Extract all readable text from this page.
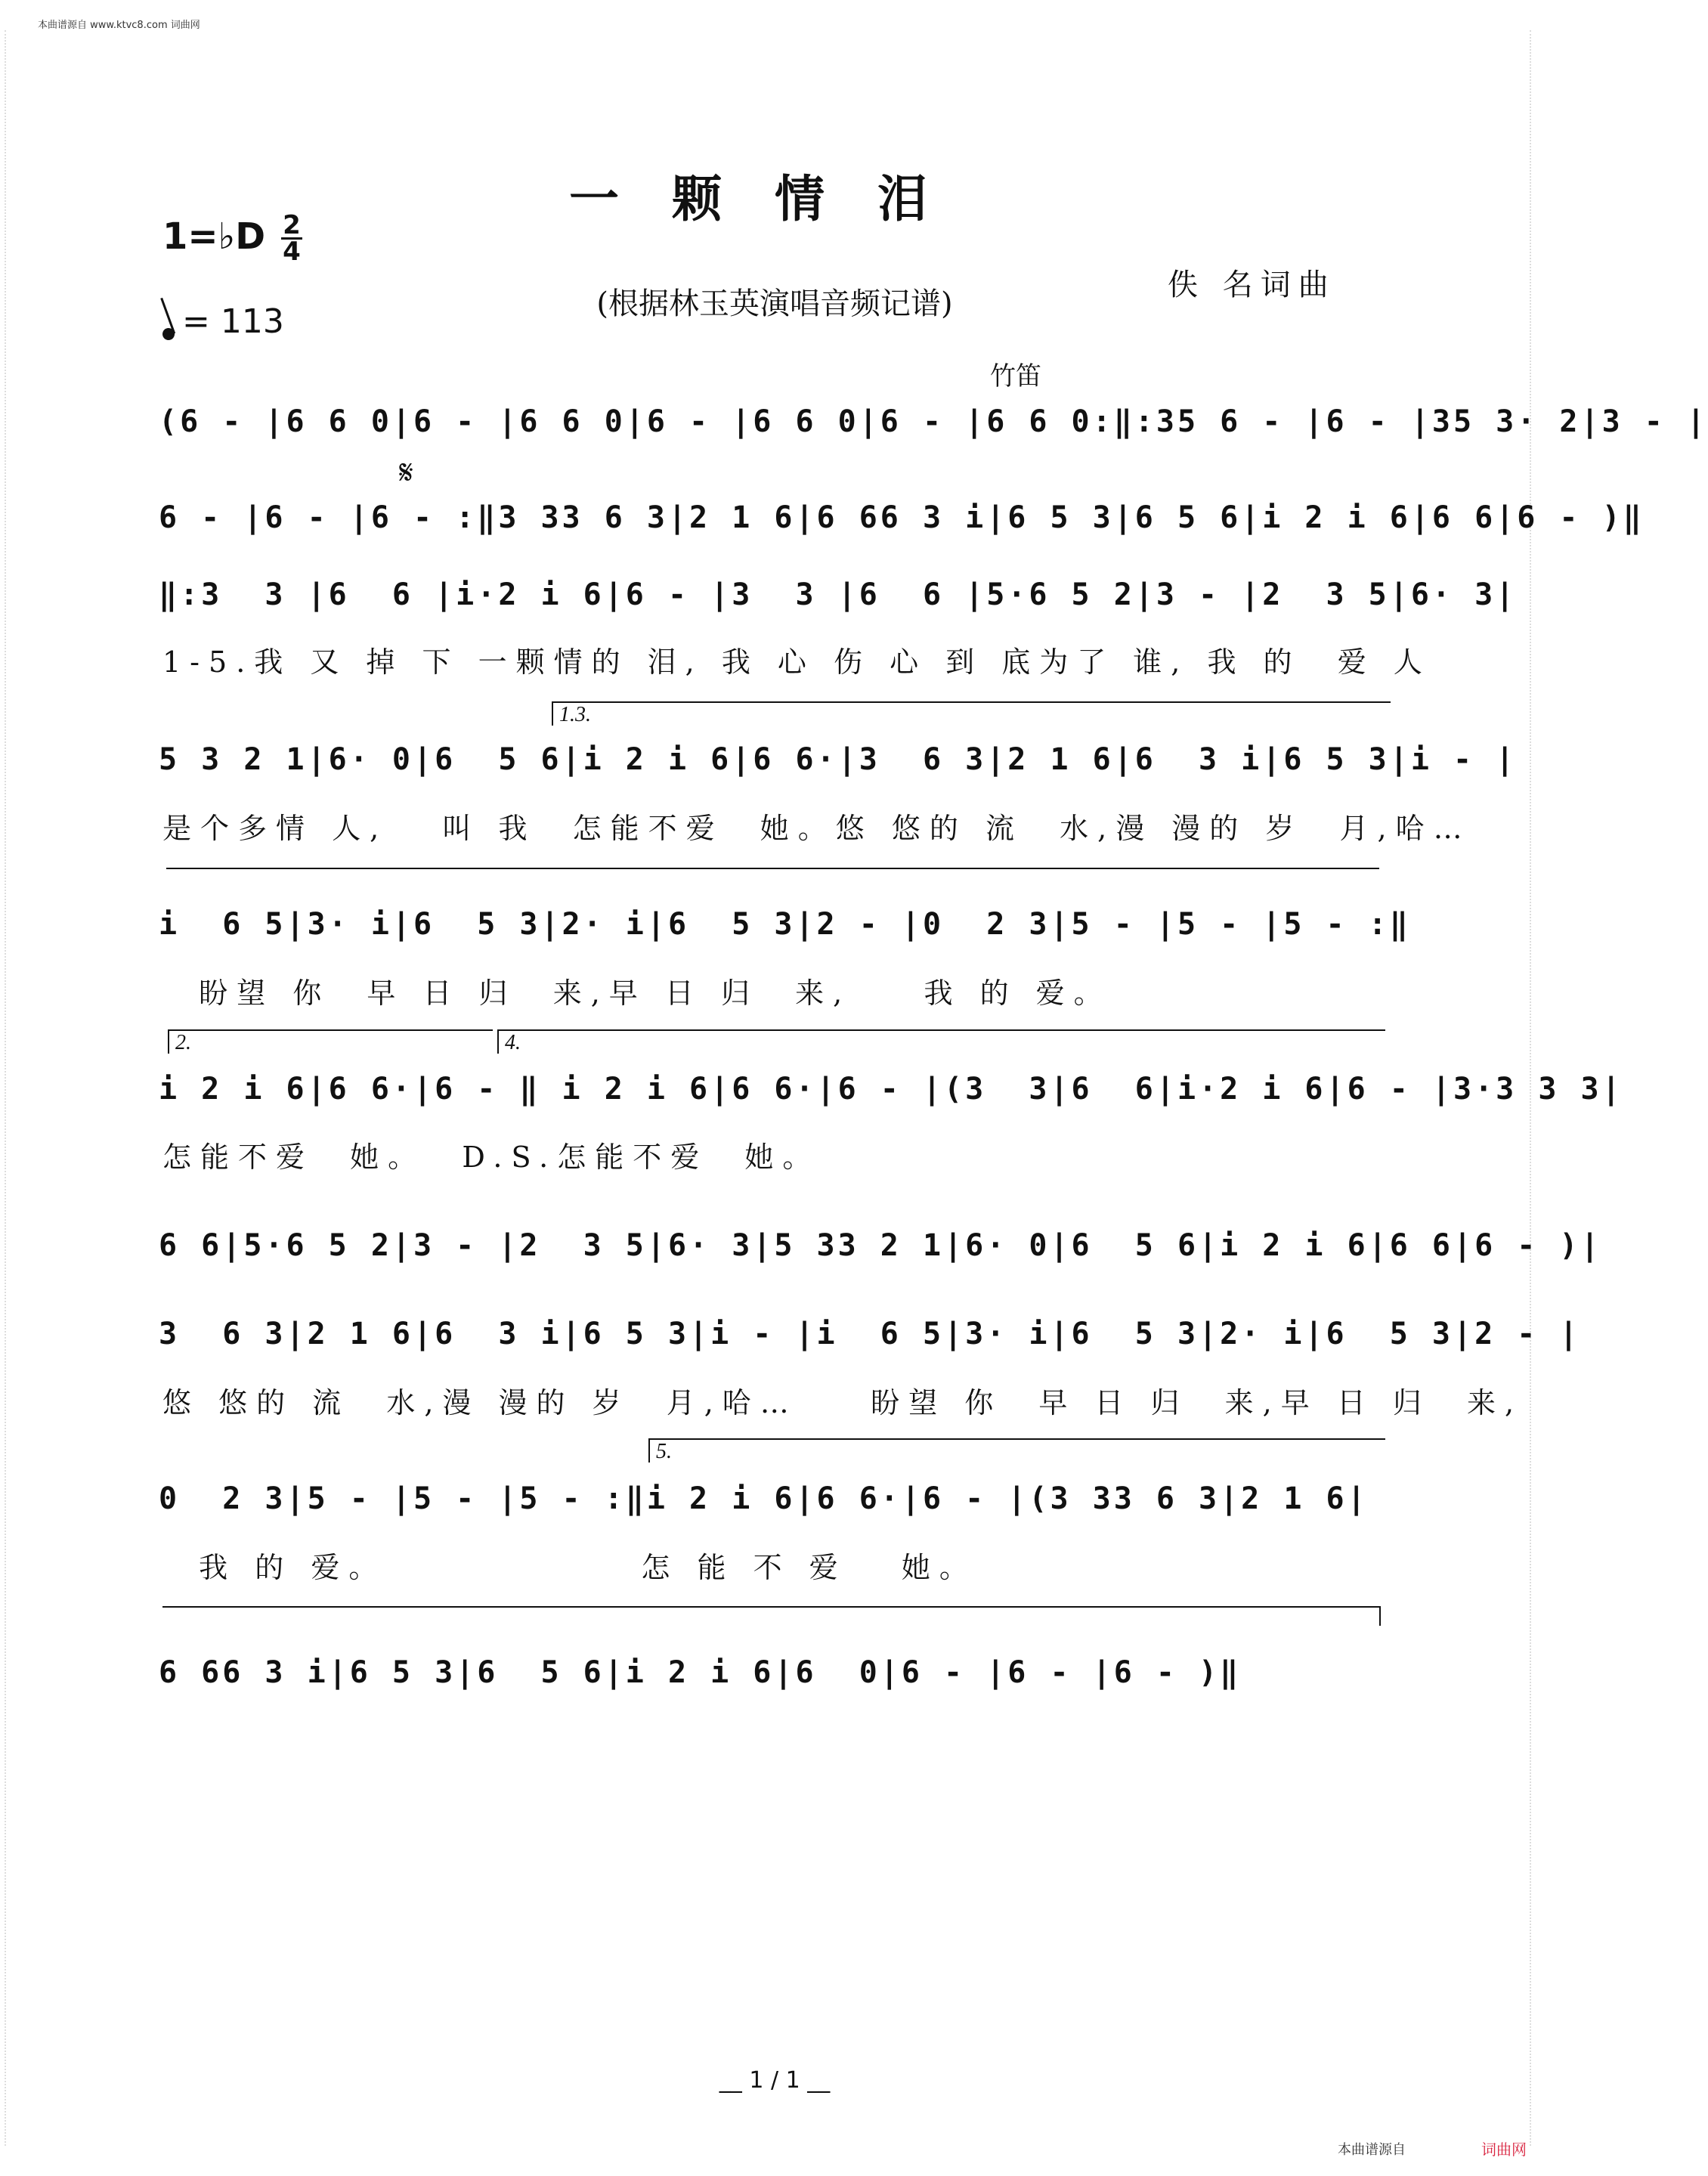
本曲谱源自 www.ktvc8.com 词曲网
一颗情泪
1=♭D 2
4
= 113	(根据林玉英演唱音频记谱)
佚 名词曲
竹笛
𝄋
(6 - |6 6 0|6 - |6 6 0|6 - |6 6 0|6 - |6 6 0:‖:35 6 - |6 - |35 3· 2|3 - |
6 - |6 - |6 - :‖3 33 6 3|2 1 6|6 66 3 i|6 5 3|6 5 6|i 2 i 6|6 6|6 - )‖
‖:3  3 |6  6 |i·2 i 6|6 - |3  3 |6  6 |5·6 5 2|3 - |2  3 5|6· 3|
1-5.我 又 掉 下 一颗情的 泪, 我 心 伤 心 到 底为了 谁, 我 的  爱 人
1.3.
5 3 2 1|6· 0|6  5 6|i 2 i 6|6 6·|3  6 3|2 1 6|6  3 i|6 5 3|i - |
是个多情 人,   叫 我  怎能不爱  她。悠 悠的 流  水,漫 漫的 岁  月,哈…
i  6 5|3· i|6  5 3|2· i|6  5 3|2 - |0  2 3|5 - |5 - |5 - :‖
盼望 你  早 日 归  来,早 日 归  来,    我 的 爱。
2.	4.
i 2 i 6|6 6·|6 - ‖ i 2 i 6|6 6·|6 - |(3  3|6  6|i·2 i 6|6 - |3·3 3 3|
怎能不爱  她。  D.S.怎能不爱  她。
6 6|5·6 5 2|3 - |2  3 5|6· 3|5 33 2 1|6· 0|6  5 6|i 2 i 6|6 6|6 - )|
3  6 3|2 1 6|6  3 i|6 5 3|i - |i  6 5|3· i|6  5 3|2· i|6  5 3|2 - |
悠 悠的 流  水,漫 漫的 岁  月,哈…    盼望 你  早 日 归  来,早 日 归  来,
5.
0  2 3|5 - |5 - |5 - :‖i 2 i 6|6 6·|6 - |(3 33 6 3|2 1 6|
我 的 爱。              怎 能 不 爱   她。
6 66 3 i|6 5 3|6  5 6|i 2 i 6|6  0|6 - |6 - |6 - )‖
__ 1 / 1 __
本曲谱源自	词曲网
